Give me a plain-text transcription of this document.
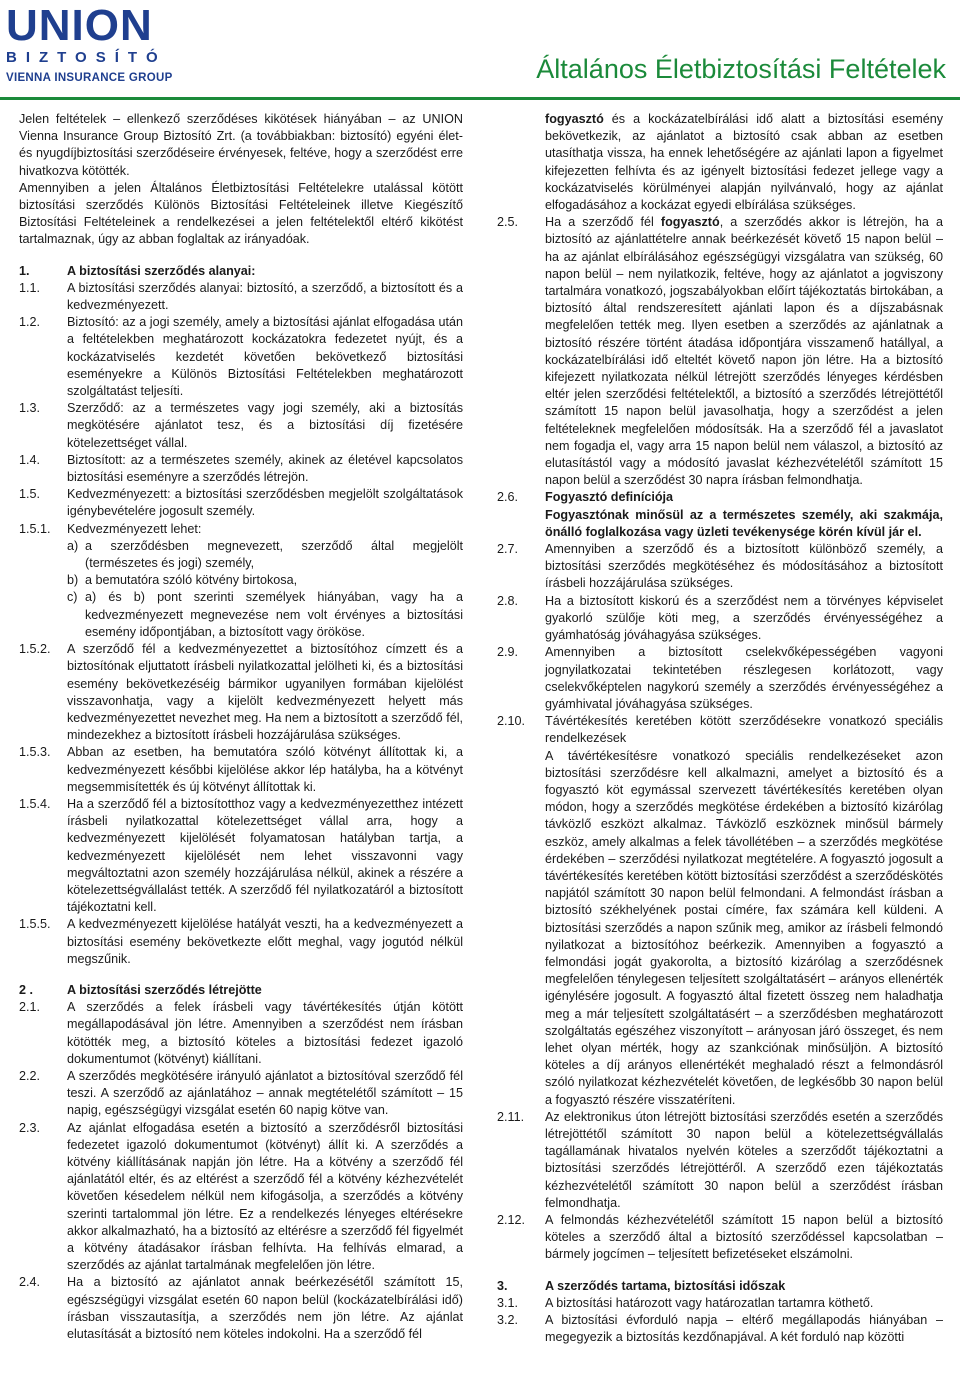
UNION
BIZTOSÍTÓ
VIENNA INSURANCE GROUP	Általános Életbiztosítási Feltételek

Jelen feltételek – ellenkező szerződéses kikötések hiányában – az UNION Vienna Insurance Group Biztosító Zrt. (a továbbiakban: biztosító) egyéni élet- és nyugdíjbiztosítási szerződéseire érvényesek, feltéve, hogy a szerződést erre hivatkozva kötötték.

Amennyiben a jelen Általános Életbiztosítási Feltételekre utalással kötött biztosítási szerződés Különös Biztosítási Feltételeinek illetve Kiegészítő Biztosítási Feltételeinek a rendelkezései a jelen feltételektől eltérő kikötést tartalmaznak, úgy az abban foglaltak az irányadóak.

1.	A biztosítási szerződés alanyai:
1.1.	A biztosítási szerződés alanyai: biztosító, a szerződő, a biztosított és a kedvezményezett.
1.2.	Biztosító: az a jogi személy, amely a biztosítási ajánlat elfogadása után a feltételekben meghatározott kockázatokra fedezetet nyújt, és a kockázatviselés kezdetét követően bekövetkező biztosítási eseményekre a Különös Biztosítási Feltételekben meghatározott szolgáltatást teljesíti.
1.3.	Szerződő: az a természetes vagy jogi személy, aki a biztosítás megkötésére ajánlatot tesz, és a biztosítási díj fizetésére kötelezettséget vállal.
1.4.	Biztosított: az a természetes személy, akinek az életével kapcsolatos biztosítási eseményre a szerződés létrejön.
1.5.	Kedvezményezett: a biztosítási szerződésben megjelölt szolgáltatások igénybevételére jogosult személy.
1.5.1.	Kedvezményezett lehet:
a) a szerződésben megnevezett, szerződő által megjelölt (természetes és jogi) személy,
b) a bemutatóra szóló kötvény birtokosa,
c) a) és b) pont szerinti személyek hiányában, vagy ha a kedvezményezett megnevezése nem volt érvényes a biztosítási esemény időpontjában, a biztosított vagy örököse.
1.5.2.	A szerződő fél a kedvezményezettet a biztosítóhoz címzett és a biztosítónak eljuttatott írásbeli nyilatkozattal jelölheti ki, és a biztosítási esemény bekövetkezéséig bármikor ugyanilyen formában kijelölést visszavonhatja, vagy a kijelölt kedvezményezett helyett más kedvezményezettet nevezhet meg. Ha nem a biztosított a szerződő fél, mindezekhez a biztosított írásbeli hozzájárulása szükséges.
1.5.3.	Abban az esetben, ha bemutatóra szóló kötvényt állítottak ki, a kedvezményezett későbbi kijelölése akkor lép hatályba, ha a kötvényt megsemmisítették és új kötvényt állítottak ki.
1.5.4.	Ha a szerződő fél a biztosítotthoz vagy a kedvezményezetthez intézett írásbeli nyilatkozattal kötelezettséget vállal arra, hogy a kedvezményezett kijelölését folyamatosan hatályban tartja, a kedvezményezett kijelölését nem lehet visszavonni vagy megváltoztatni azon személy hozzájárulása nélkül, akinek a részére a kötelezettségvállalást tették. A szerződő fél nyilatkozatáról a biztosított tájékoztatni kell.
1.5.5.	A kedvezményezett kijelölése hatályát veszti, ha a kedvezményezett a biztosítási esemény bekövetkezte előtt meghal, vagy jogutód nélkül megszűnik.
2 .	A biztosítási szerződés létrejötte
2.1.	A szerződés a felek írásbeli vagy távértékesítés útján kötött megállapodásával jön létre. Amennyiben a szerződést nem írásban kötötték meg, a biztosító köteles a biztosítási fedezet igazoló dokumentumot (kötvényt) kiállítani.
2.2.	A szerződés megkötésére irányuló ajánlatot a biztosítóval szerződő fél teszi. A szerződő az ajánlatához – annak megtételétől számított – 15 napig, egészségügyi vizsgálat esetén 60 napig kötve van.
2.3.	Az ajánlat elfogadása esetén a biztosító a szerződésről biztosítási fedezetet igazoló dokumentumot (kötvényt) állít ki. A szerződés a kötvény kiállításának napján jön létre. Ha a kötvény a szerződő fél ajánlatától eltér, és az eltérést a szerződő fél a kötvény kézhezvételét követően késedelem nélkül nem kifogásolja, a szerződés a kötvény szerinti tartalommal jön létre. Ez a rendelkezés lényeges eltérésekre akkor alkalmazható, ha a biztosító az eltérésre a szerződő fél figyelmét a kötvény átadásakor írásban felhívta. Ha felhívás elmarad, a szerződés az ajánlat tartalmának megfelelően jön létre.
2.4.	Ha a biztosító az ajánlatot annak beérkezésétől számított 15, egészségügyi vizsgálat esetén 60 napon belül (kockázatelbírálási idő) írásban visszautasítja, a szerződés nem jön létre. Az ajánlat elutasítását a biztosító nem köteles indokolni. Ha a szerződő fél
fogyasztó és a kockázatelbírálási idő alatt a biztosítási esemény bekövetkezik, az ajánlatot a biztosító csak abban az esetben utasíthatja vissza, ha ennek lehetőségére az ajánlati lapon a figyelmet kifejezetten felhívta és az igényelt biztosítási fedezet jellege vagy a kockázatviselés körülményei alapján nyilvánvaló, hogy az ajánlat elfogadásához a kockázat egyedi elbírálása szükséges.
2.5.	Ha a szerződő fél fogyasztó, a szerződés akkor is létrejön, ha a biztosító az ajánlattételre annak beérkezését követő 15 napon belül – ha az ajánlat elbírálásához egészségügyi vizsgálatra van szükség, 60 napon belül – nem nyilatkozik, feltéve, hogy az ajánlatot a jogviszony tartalmára vonatkozó, jogszabályokban előírt tájékoztatás birtokában, a biztosító által rendszeresített ajánlati lapon és a díjszabásnak megfelelően tették meg. Ilyen esetben a szerződés az ajánlatnak a biztosító részére történt átadása időpontjára visszamenő hatállyal, a kockázatelbírálási idő elteltét követő napon jön létre. Ha a biztosító kifejezett nyilatkozata nélkül létrejött szerződés lényeges kérdésben eltér jelen szerződési feltételektől, a biztosító a szerződés létrejöttétől számított 15 napon belül javasolhatja, hogy a szerződést a jelen feltételeknek megfelelően módosítsák. Ha a szerződő fél a javaslatot nem fogadja el, vagy arra 15 napon belül nem válaszol, a biztosító az elutasítástól vagy a módosító javaslat kézhezvételétől számított 15 napon belül a szerződést 30 napra írásban felmondhatja.
2.6.	Fogyasztó definíciója
Fogyasztónak minősül az a természetes személy, aki szakmája, önálló foglalkozása vagy üzleti tevékenysége körén kívül jár el.
2.7.	Amennyiben a szerződő és a biztosított különböző személy, a biztosítási szerződés megkötéséhez és módosításához a biztosított írásbeli hozzájárulása szükséges.
2.8.	Ha a biztosított kiskorú és a szerződést nem a törvényes képviselet gyakorló szülője köti meg, a szerződés érvényességéhez a gyámhatóság jóváhagyása szükséges.
2.9.	Amennyiben a biztosított cselekvőképességében vagyoni jognyilatkozatai tekintetében részlegesen korlátozott, vagy cselekvőképtelen nagykorú személy a szerződés érvényességéhez a gyámhivatal jóváhagyása szükséges.
2.10.	Távértékesítés keretében kötött szerződésekre vonatkozó speciális rendelkezések
A távértékesítésre vonatkozó speciális rendelkezéseket azon biztosítási szerződésre kell alkalmazni, amelyet a biztosító és a fogyasztó köt egymással szervezett távértékesítés keretében olyan módon, hogy a szerződés megkötése érdekében a biztosító kizárólag távközlő eszközt alkalmaz. Távközlő eszköznek minősül bármely eszköz, amely alkalmas a felek távollétében – a szerződés megkötése érdekében – szerződési nyilatkozat megtételére. A fogyasztó jogosult a távértékesítés keretében kötött biztosítási szerződést a szerződéskötés napjától számított 30 napon belül felmondani. A felmondást írásban a biztosító székhelyének postai címére, fax számára kell küldeni. A biztosítási szerződés a napon szűnik meg, amikor az írásbeli felmondó nyilatkozat a biztosítóhoz beérkezik. Amennyiben a fogyasztó a felmondási jogát gyakorolta, a biztosító kizárólag a szerződésnek megfelelően ténylegesen teljesített szolgáltatásért – arányos ellenérték igénylésére jogosult. A fogyasztó által fizetett összeg nem haladhatja meg a már teljesített szolgáltatásért – a szerződésben meghatározott szolgáltatás egészéhez viszonyított – arányosan járó összeget, és nem lehet olyan mérték, hogy az szankciónak minősüljön. A biztosító köteles a díj arányos ellenértékét meghaladó részt a felmondásról szóló nyilatkozat kézhezvételét követően, de legkésőbb 30 napon belül a fogyasztó részére visszatéríteni.
2.11.	Az elektronikus úton létrejött biztosítási szerződés esetén a szerződés létrejöttétől számított 30 napon belül a kötelezettségvállalás tagállamának hivatalos nyelvén köteles a szerződőt tájékoztatni a biztosítási szerződés létrejöttéről. A szerződő ezen tájékoztatás kézhezvételétől számított 30 napon belül a szerződést írásban felmondhatja.
2.12.	A felmondás kézhezvételétől számított 15 napon belül a biztosító köteles a szerződő által a biztosító szerződéssel kapcsolatban – bármely jogcímen – teljesített befizetéseket elszámolni.
3.	A szerződés tartama, biztosítási időszak
3.1.	A biztosítási határozott vagy határozatlan tartamra köthető.
3.2.	A biztosítási évforduló napja – eltérő megállapodás hiányában – megegyezik a biztosítás kezdőnapjával. A két forduló nap közötti
